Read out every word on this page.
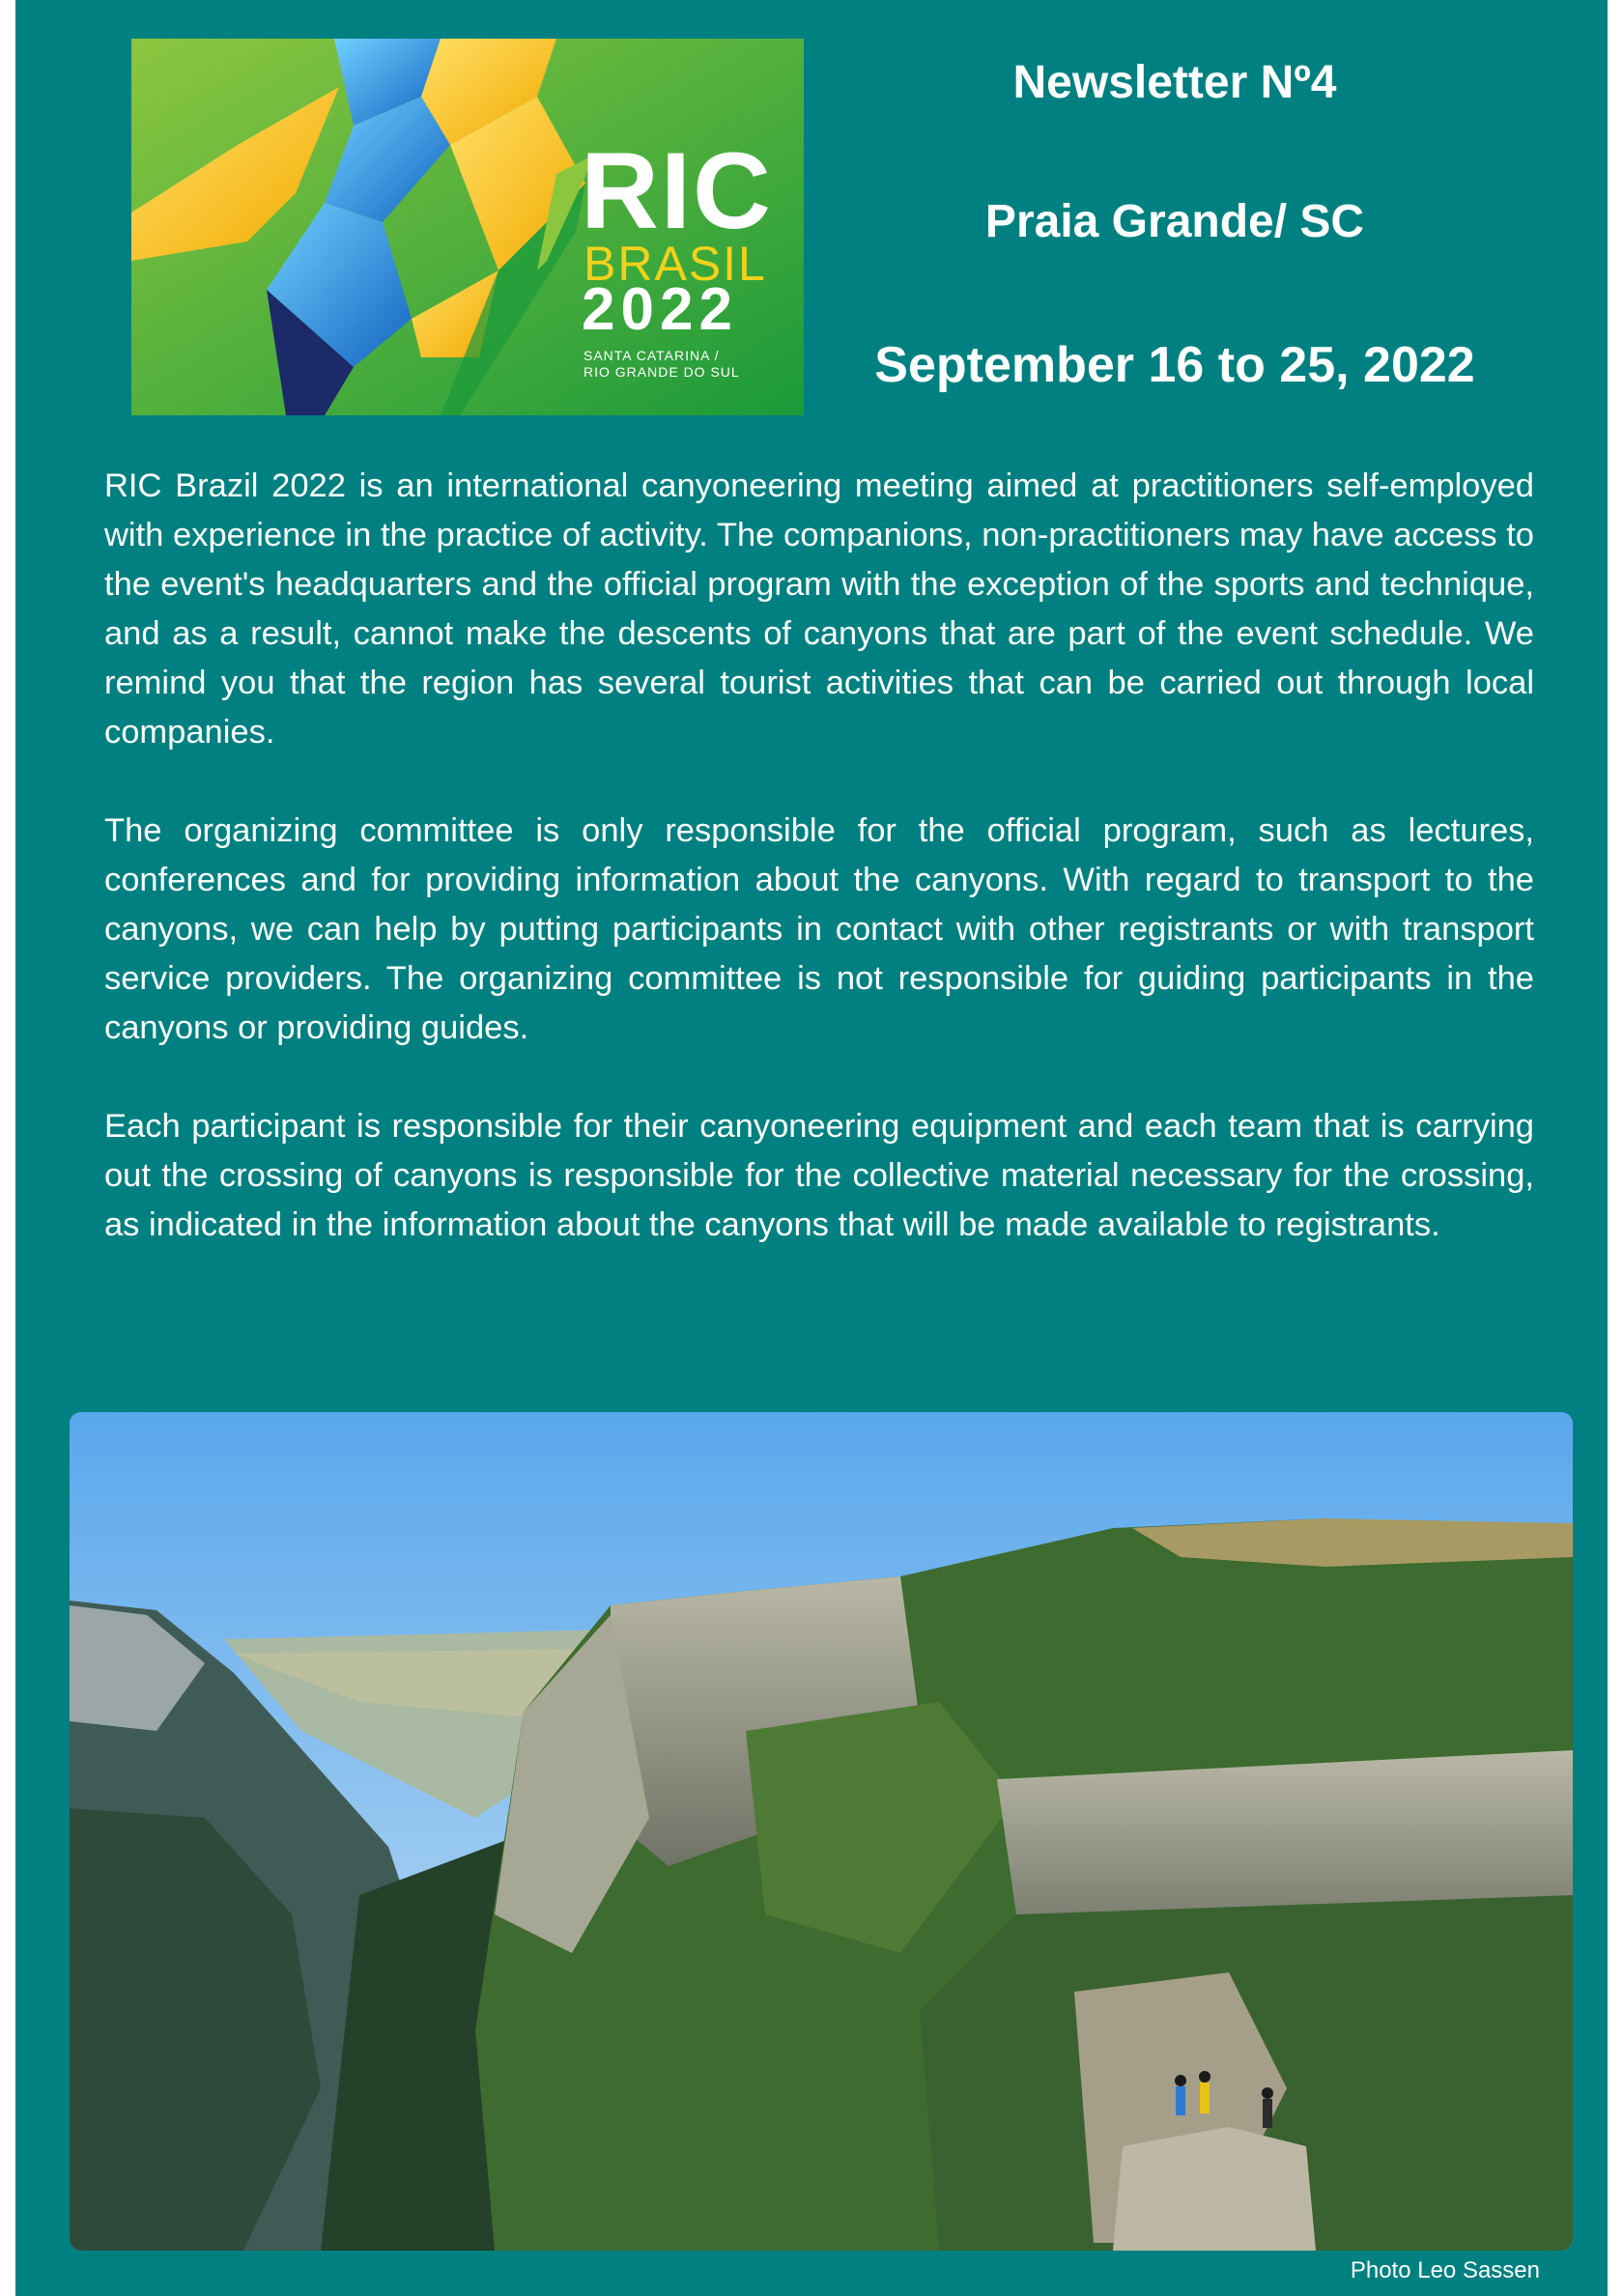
RIC
BRASIL
2022
SANTA CATARINA /
RIO GRANDE DO SUL
Newsletter Nº4
Praia Grande/ SC
September 16 to 25, 2022

RIC Brazil 2022 is an international canyoneering meeting aimed at practitioners self-employed with experience in the practice of activity. The companions, non-practitioners may have access to the event's headquarters and the official program with the exception of the sports and technique, and as a result, cannot make the descents of canyons that are part of the event schedule. We remind you that the region has several tourist activities that can be carried out through local companies.

The organizing committee is only responsible for the official program, such as lectures, conferences and for providing information about the canyons. With regard to transport to the canyons, we can help by putting participants in contact with other registrants or with transport service providers. The organizing committee is not responsible for guiding participants in the canyons or providing guides.

Each participant is responsible for their canyoneering equipment and each team that is carrying out the crossing of canyons is responsible for the collective material necessary for the crossing, as indicated in the information about the canyons that will be made available to registrants.

Photo Leo Sassen
